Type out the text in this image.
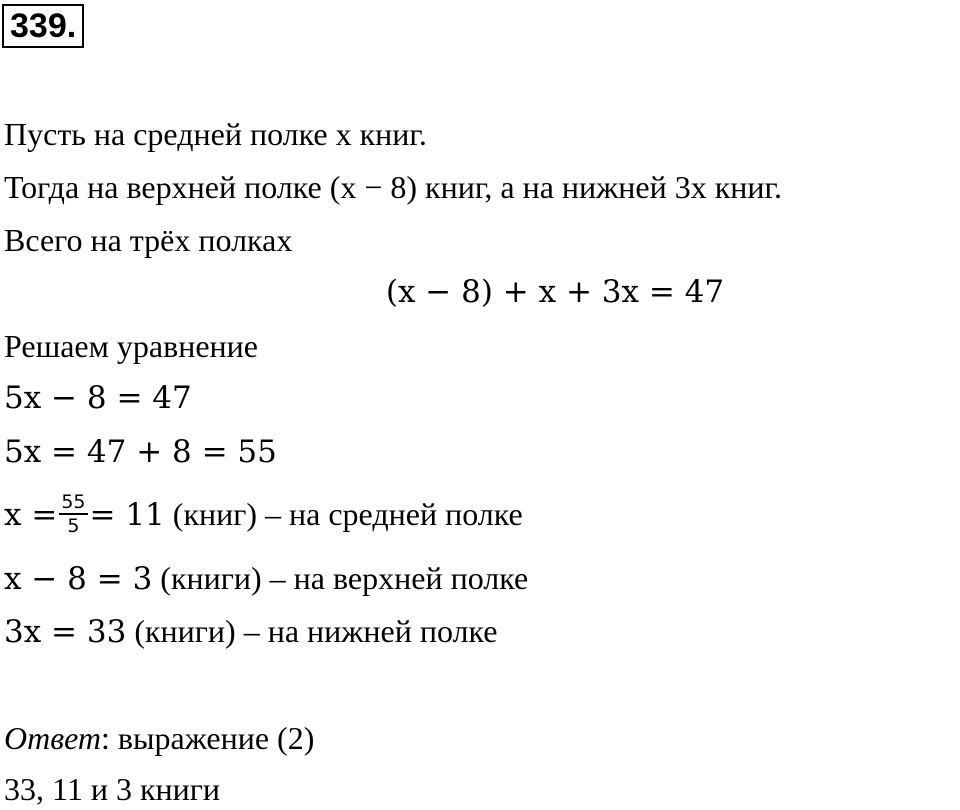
339.
Пусть на средней полке x книг.
Тогда на верхней полке (x − 8) книг, а на нижней 3x книг.
Всего на трёх полках
(x − 8) + x + 3x = 47
Решаем уравнение
5x − 8 = 47
5x = 47 + 8 = 55
$x = \frac{55}{5} = 11$ (книг) – на средней полке
x − 8 = 3 (книги) – на верхней полке
3x = 33 (книги) – на нижней полке
Ответ: выражение (2)
33, 11 и 3 книги
